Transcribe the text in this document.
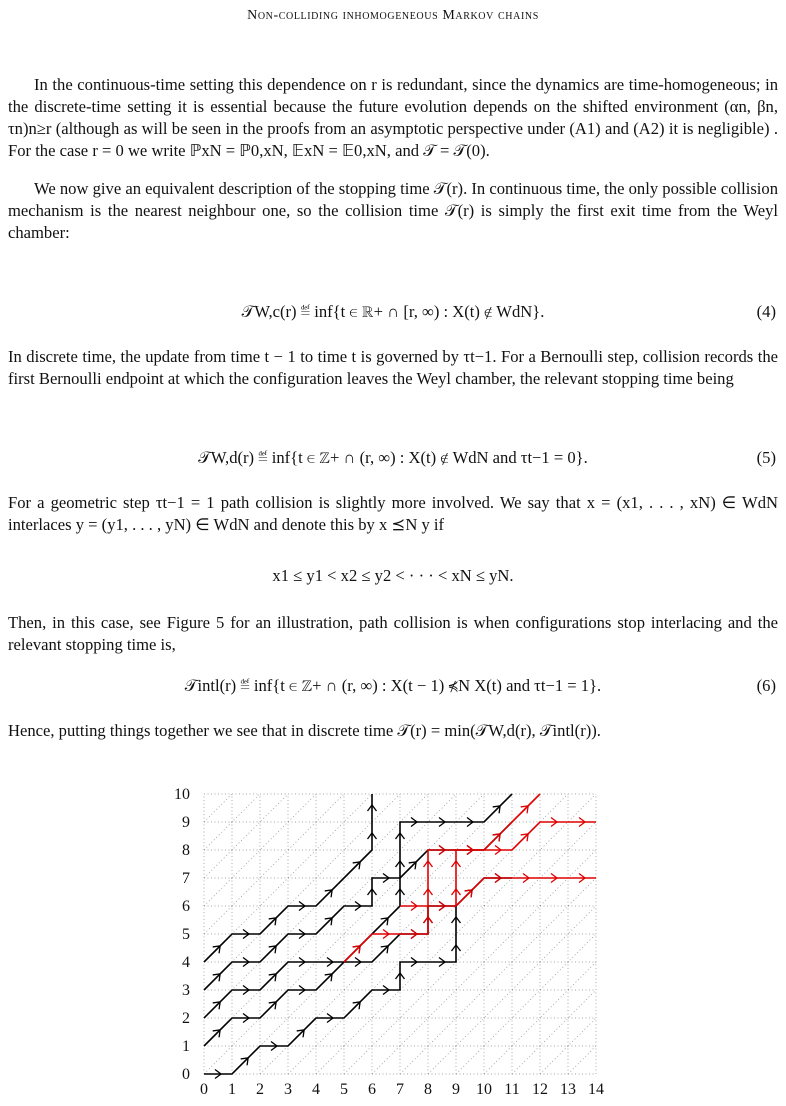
Non-colliding inhomogeneous Markov chains

In the continuous-time setting this dependence on r is redundant, since the dynamics are time-homogeneous; in the discrete-time setting it is essential because the future evolution depends on the shifted environment (αn, βn, τn)n≥r (although as will be seen in the proofs from an asymptotic perspective under (A1) and (A2) it is negligible) . For the case r = 0 we write ℙxN = ℙ0,xN, 𝔼xN = 𝔼0,xN, and 𝒯 = 𝒯(0).

We now give an equivalent description of the stopping time 𝒯(r). In continuous time, the only possible collision mechanism is the nearest neighbour one, so the collision time 𝒯(r) is simply the first exit time from the Weyl chamber:

𝒯W,c(r) ≝ inf{t ∈ ℝ+ ∩ [r, ∞) : X(t) ∉ WdN}.	(4)

In discrete time, the update from time t − 1 to time t is governed by τt−1. For a Bernoulli step, collision records the first Bernoulli endpoint at which the configuration leaves the Weyl chamber, the relevant stopping time being

𝒯W,d(r) ≝ inf{t ∈ ℤ+ ∩ (r, ∞) : X(t) ∉ WdN and τt−1 = 0}.	(5)

For a geometric step τt−1 = 1 path collision is slightly more involved. We say that x = (x1, . . . , xN) ∈ WdN interlaces y = (y1, . . . , yN) ∈ WdN and denote this by x ⪯N y if

x1 ≤ y1 < x2 ≤ y2 < · · · < xN ≤ yN.

Then, in this case, see Figure 5 for an illustration, path collision is when configurations stop interlacing and the relevant stopping time is,

𝒯intl(r) ≝ inf{t ∈ ℤ+ ∩ (r, ∞) : X(t − 1) ⋠N X(t) and τt−1 = 1}.	(6)

Hence, putting things together we see that in discrete time 𝒯(r) = min(𝒯W,d(r), 𝒯intl(r)).

0 1 2 3 4 5 6 7 8 9 10 11 12 13 14
0
1
2
3
4
5
6
7
8
9
10
